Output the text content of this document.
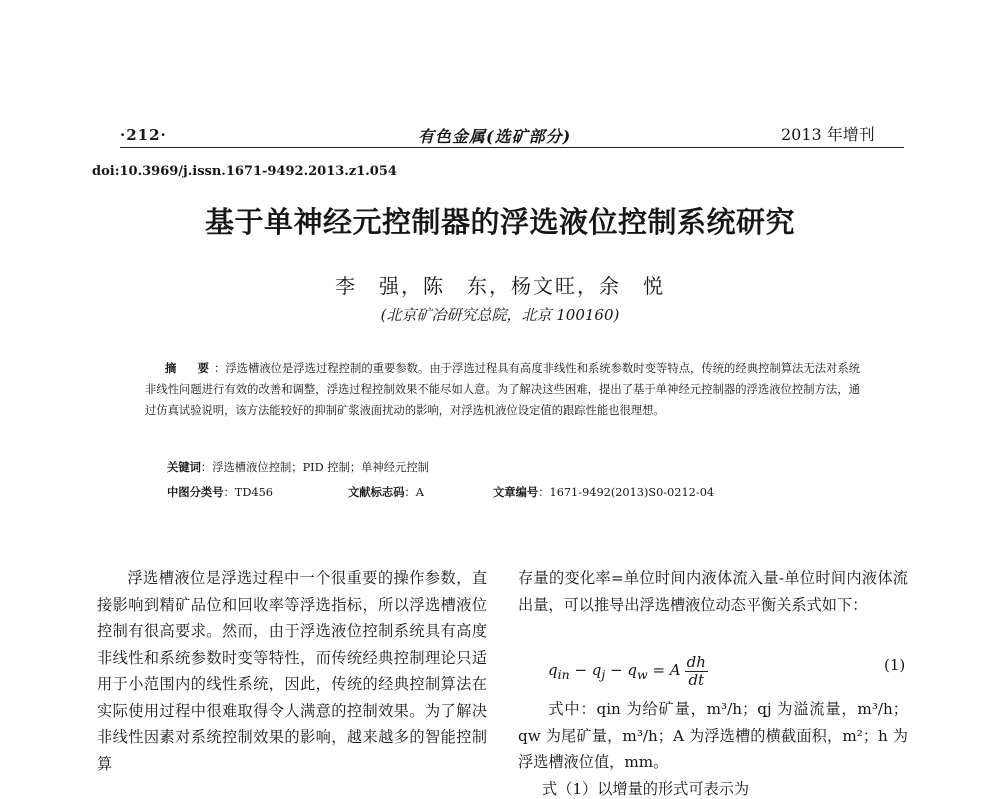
·212·	有色金属(选矿部分)	2013 年增刊
doi:10.3969/j.issn.1671-9492.2013.z1.054
基于单神经元控制器的浮选液位控制系统研究
李　强，陈　东，杨文旺，余　悦
(北京矿冶研究总院，北京 100160)
摘　要：浮选槽液位是浮选过程控制的重要参数。由于浮选过程具有高度非线性和系统参数时变等特点，传统的经典控制算法无法对系统非线性问题进行有效的改善和调整，浮选过程控制效果不能尽如人意。为了解决这些困难，提出了基于单神经元控制器的浮选液位控制方法，通过仿真试验说明，该方法能较好的抑制矿浆液面扰动的影响，对浮选机液位设定值的跟踪性能也很理想。
关键词：浮选槽液位控制；PID 控制；单神经元控制
中图分类号：TD456	文献标志码：A	文章编号：1671-9492(2013)S0-0212-04

浮选槽液位是浮选过程中一个很重要的操作参数，直接影响到精矿品位和回收率等浮选指标，所以浮选槽液位控制有很高要求。然而，由于浮选液位控制系统具有高度非线性和系统参数时变等特性，而传统经典控制理论只适用于小范围内的线性系统，因此，传统的经典控制算法在实际使用过程中很难取得令人满意的控制效果。为了解决非线性因素对系统控制效果的影响，越来越多的智能控制算

存量的变化率=单位时间内液体流入量-单位时间内液体流出量，可以推导出浮选槽液位动态平衡关系式如下：

$q_{in} - q_j - q_w = A \frac{dh}{dt}$	(1)

式中：qin 为给矿量，m³/h；qj 为溢流量，m³/h；qw 为尾矿量，m³/h；A 为浮选槽的横截面积，m²；h 为浮选槽液位值，mm。

式（1）以增量的形式可表示为
